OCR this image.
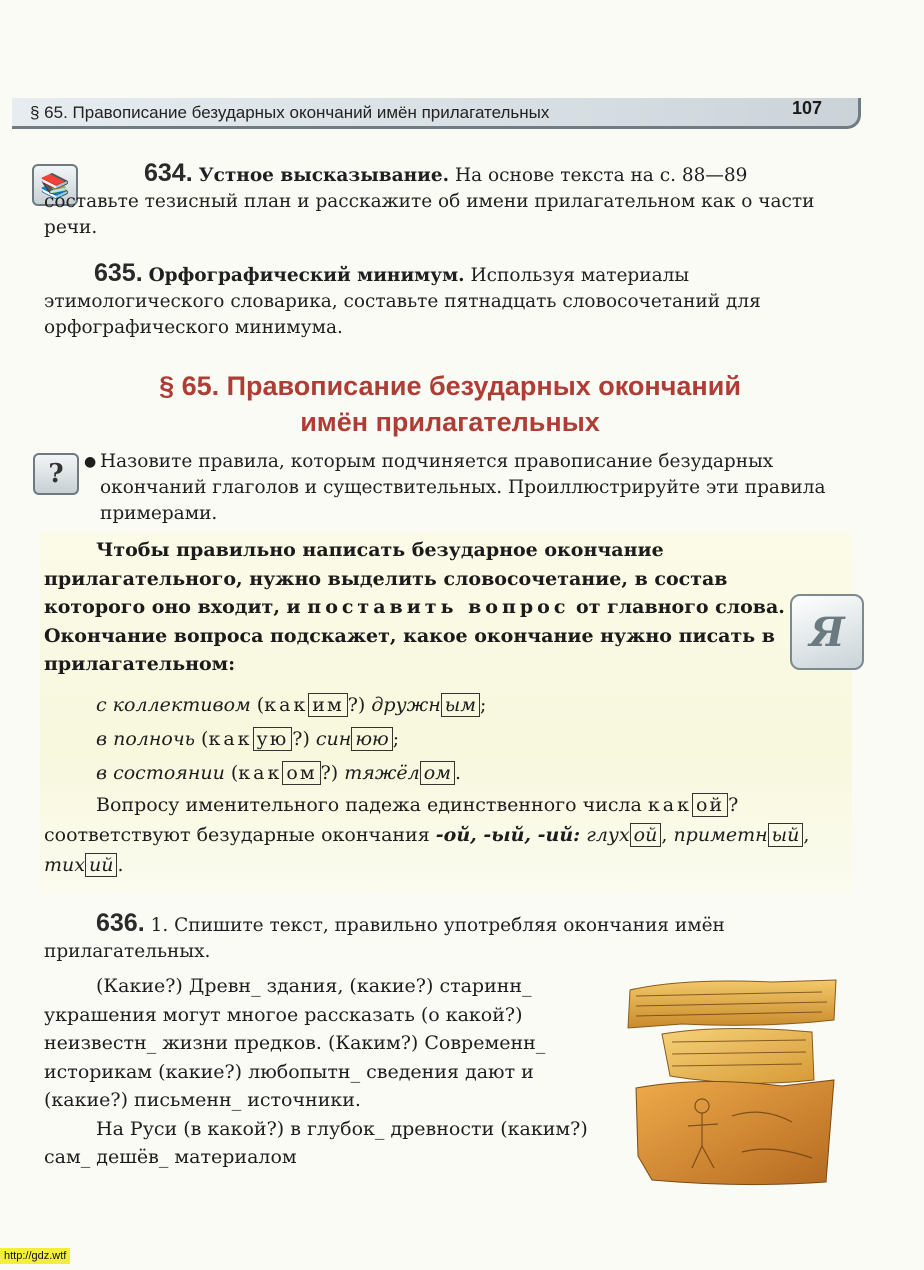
§ 65. Правописание безударных окончаний имён прилагательных	107
📚	634. Устное высказывание. На основе текста на с. 88—89 составьте тезисный план и расскажите об имени прилагательном как о части речи.
635. Орфографический минимум. Используя материалы этимологического словарика, составьте пятнадцать словосочетаний для орфографического минимума.
§ 65. Правописание безударных окончаний
имён прилагательных
?	● Назовите правила, которым подчиняется правописание безударных окончаний глаголов и существительных. Проиллюстрируйте эти правила примерами.
Чтобы правильно написать безударное окончание прилагательного, нужно выделить словосочетание, в состав которого оно входит, и поставить вопрос от главного слова. Окончание вопроса подскажет, какое окончание нужно писать в прилагательном:
Я
с коллективом (как им ?) дружн ым ;
в полночь (как ую ?) син юю ;
в состоянии (как ом ?) тяжёл ом .
Вопросу именительного падежа единственного числа как ой ? соответствуют безударные окончания -ой, -ый, -ий: глух ой , приметн ый , тих ий .
636. 1. Спишите текст, правильно употребляя окончания имён прилагательных.
(Какие?) Древн_ здания, (какие?) старинн_ украшения могут многое рассказать (о какой?) неизвестн_ жизни предков. (Каким?) Современн_ историкам (какие?) любопытн_ сведения дают и (какие?) письменн_ источники.
На Руси (в какой?) в глубок_ древности (каким?) сам_ дешёв_ материалом
http://gdz.wtf
